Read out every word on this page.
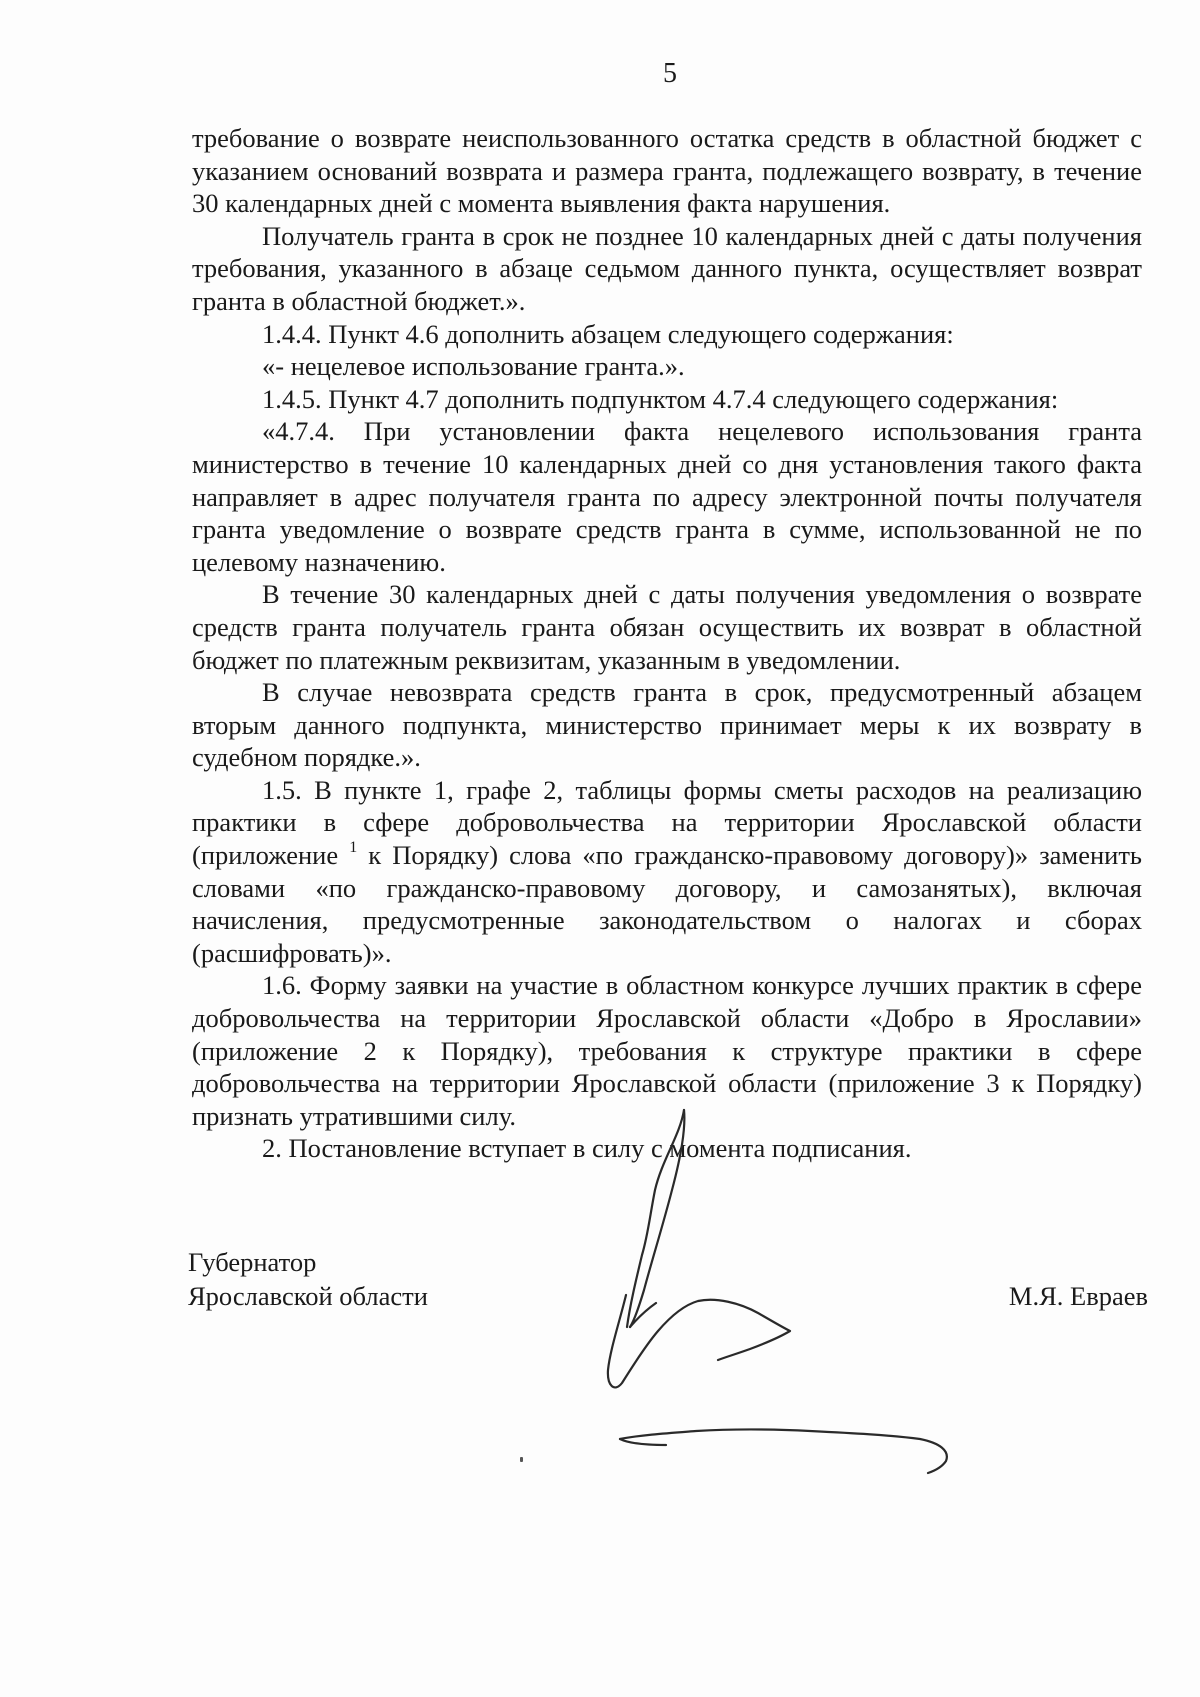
5

требование о возврате неиспользованного остатка средств в областной бюджет с указанием оснований возврата и размера гранта, подлежащего возврату, в течение 30 календарных дней с момента выявления факта нарушения.

Получатель гранта в срок не позднее 10 календарных дней с даты получения требования, указанного в абзаце седьмом данного пункта, осуществляет возврат гранта в областной бюджет.».

1.4.4. Пункт 4.6 дополнить абзацем следующего содержания:

«- нецелевое использование гранта.».

1.4.5. Пункт 4.7 дополнить подпунктом 4.7.4 следующего содержания:

«4.7.4. При установлении факта нецелевого использования гранта министерство в течение 10 календарных дней со дня установления такого факта направляет в адрес получателя гранта по адресу электронной почты получателя гранта уведомление о возврате средств гранта в сумме, использованной не по целевому назначению.

В течение 30 календарных дней с даты получения уведомления о возврате средств гранта получатель гранта обязан осуществить их возврат в областной бюджет по платежным реквизитам, указанным в уведомлении.

В случае невозврата средств гранта в срок, предусмотренный абзацем вторым данного подпункта, министерство принимает меры к их возврату в судебном порядке.».

1.5. В пункте 1, графе 2, таблицы формы сметы расходов на реализацию практики в сфере добровольчества на территории Ярославской области (приложение $^1$ к Порядку) слова «по гражданско-правовому договору)» заменить словами «по гражданско-правовому договору, и самозанятых), включая начисления, предусмотренные законодательством о налогах и сборах (расшифровать)».

1.6. Форму заявки на участие в областном конкурсе лучших практик в сфере добровольчества на территории Ярославской области «Добро в Ярославии» (приложение 2 к Порядку), требования к структуре практики в сфере добровольчества на территории Ярославской области (приложение 3 к Порядку) признать утратившими силу.

2. Постановление вступает в силу с момента подписания.

Губернатор
Ярославской области	М.Я. Евраев
